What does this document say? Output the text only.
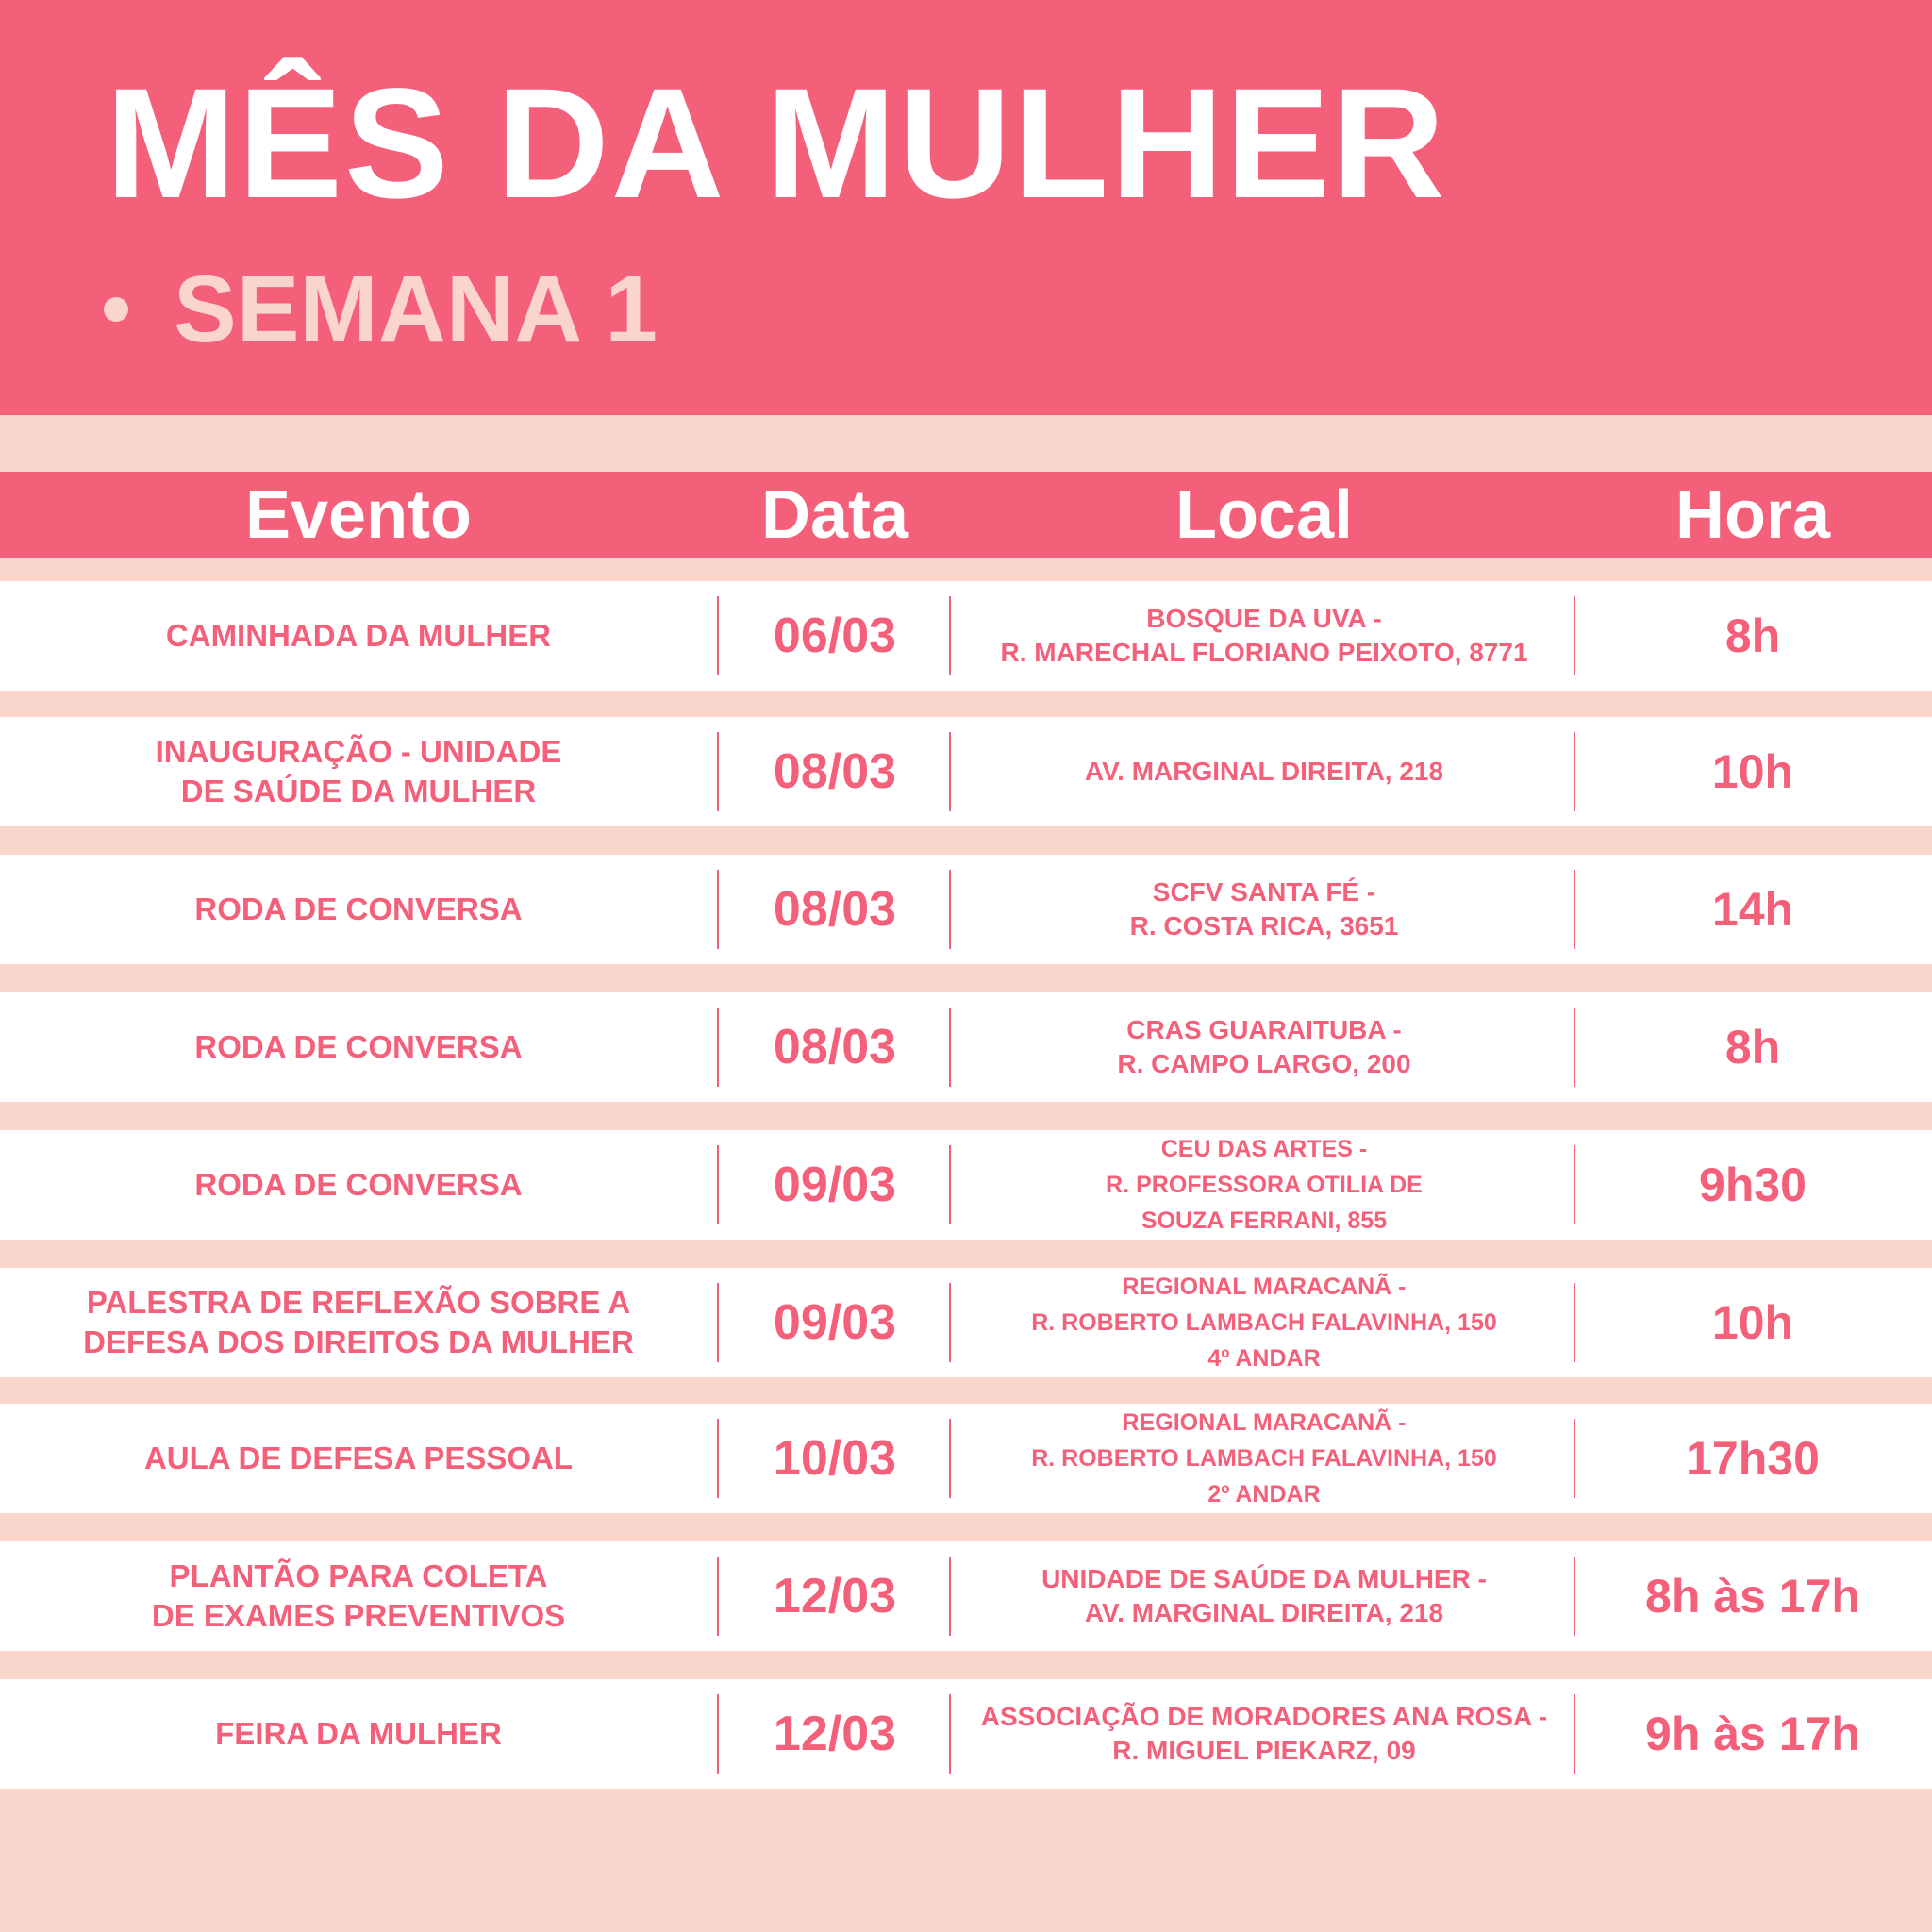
MÊS DA MULHER
SEMANA 1
Evento	Data	Local	Hora
CAMINHADA DA MULHER	06/03	BOSQUE DA UVA -
R. MARECHAL FLORIANO PEIXOTO, 8771	8h
INAUGURAÇÃO - UNIDADE
DE SAÚDE DA MULHER	08/03	AV. MARGINAL DIREITA, 218	10h
RODA DE CONVERSA	08/03	SCFV SANTA FÉ -
R. COSTA RICA, 3651	14h
RODA DE CONVERSA	08/03	CRAS GUARAITUBA -
R. CAMPO LARGO, 200	8h
RODA DE CONVERSA	09/03
CEU DAS ARTES -
R. PROFESSORA OTILIA DE
SOUZA FERRANI, 855
9h30
PALESTRA DE REFLEXÃO SOBRE A
DEFESA DOS DIREITOS DA MULHER	09/03
REGIONAL MARACANÃ -
R. ROBERTO LAMBACH FALAVINHA, 150
4º ANDAR
10h
AULA DE DEFESA PESSOAL	10/03
REGIONAL MARACANÃ -
R. ROBERTO LAMBACH FALAVINHA, 150
2º ANDAR
17h30
PLANTÃO PARA COLETA
DE EXAMES PREVENTIVOS	12/03	UNIDADE DE SAÚDE DA MULHER -
AV. MARGINAL DIREITA, 218	8h às 17h
FEIRA DA MULHER	12/03	ASSOCIAÇÃO DE MORADORES ANA ROSA -
R. MIGUEL PIEKARZ, 09	9h às 17h
